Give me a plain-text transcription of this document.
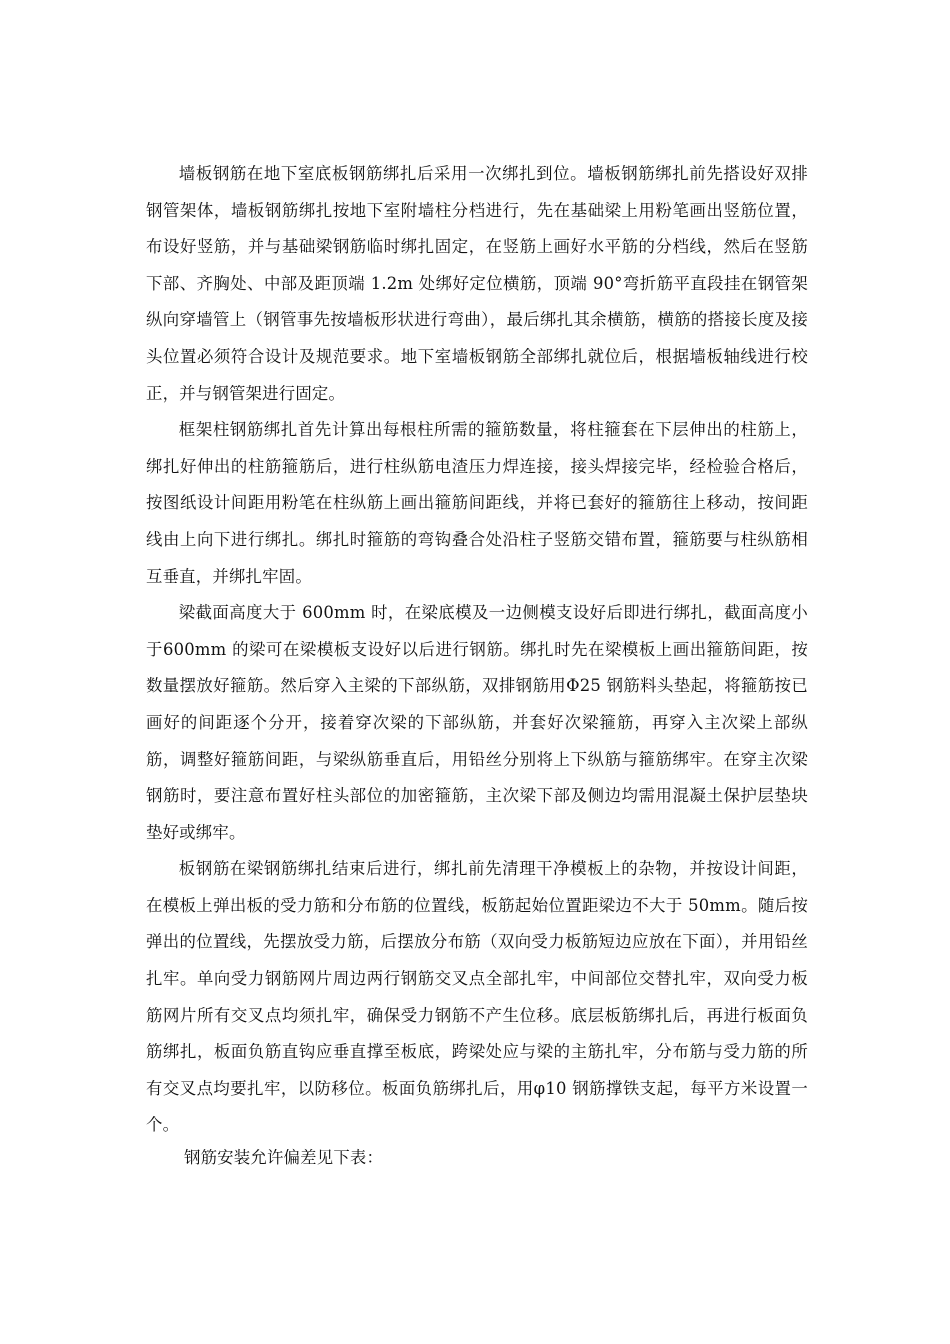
墙板钢筋在地下室底板钢筋绑扎后采用一次绑扎到位。墙板钢筋绑扎前先搭设好双排钢管架体，墙板钢筋绑扎按地下室附墙柱分档进行，先在基础梁上用粉笔画出竖筋位置，布设好竖筋，并与基础梁钢筋临时绑扎固定，在竖筋上画好水平筋的分档线，然后在竖筋下部、齐胸处、中部及距顶端 1.2m 处绑好定位横筋，顶端 90°弯折筋平直段挂在钢管架纵向穿墙管上（钢管事先按墙板形状进行弯曲），最后绑扎其余横筋，横筋的搭接长度及接头位置必须符合设计及规范要求。地下室墙板钢筋全部绑扎就位后，根据墙板轴线进行校正，并与钢管架进行固定。

框架柱钢筋绑扎首先计算出每根柱所需的箍筋数量，将柱箍套在下层伸出的柱筋上，绑扎好伸出的柱筋箍筋后，进行柱纵筋电渣压力焊连接，接头焊接完毕，经检验合格后，按图纸设计间距用粉笔在柱纵筋上画出箍筋间距线，并将已套好的箍筋往上移动，按间距线由上向下进行绑扎。绑扎时箍筋的弯钩叠合处沿柱子竖筋交错布置，箍筋要与柱纵筋相互垂直，并绑扎牢固。

梁截面高度大于 600mm 时，在梁底模及一边侧模支设好后即进行绑扎，截面高度小于600mm 的梁可在梁模板支设好以后进行钢筋。绑扎时先在梁模板上画出箍筋间距，按数量摆放好箍筋。然后穿入主梁的下部纵筋，双排钢筋用Φ25 钢筋料头垫起，将箍筋按已画好的间距逐个分开，接着穿次梁的下部纵筋，并套好次梁箍筋，再穿入主次梁上部纵筋，调整好箍筋间距，与梁纵筋垂直后，用铅丝分别将上下纵筋与箍筋绑牢。在穿主次梁钢筋时，要注意布置好柱头部位的加密箍筋，主次梁下部及侧边均需用混凝土保护层垫块垫好或绑牢。

板钢筋在梁钢筋绑扎结束后进行，绑扎前先清理干净模板上的杂物，并按设计间距，在模板上弹出板的受力筋和分布筋的位置线，板筋起始位置距梁边不大于 50mm。随后按弹出的位置线，先摆放受力筋，后摆放分布筋（双向受力板筋短边应放在下面），并用铅丝扎牢。单向受力钢筋网片周边两行钢筋交叉点全部扎牢，中间部位交替扎牢，双向受力板筋网片所有交叉点均须扎牢，确保受力钢筋不产生位移。底层板筋绑扎后，再进行板面负筋绑扎，板面负筋直钩应垂直撑至板底，跨梁处应与梁的主筋扎牢，分布筋与受力筋的所有交叉点均要扎牢，以防移位。板面负筋绑扎后，用φ10 钢筋撑铁支起，每平方米设置一个。

钢筋安装允许偏差见下表：
